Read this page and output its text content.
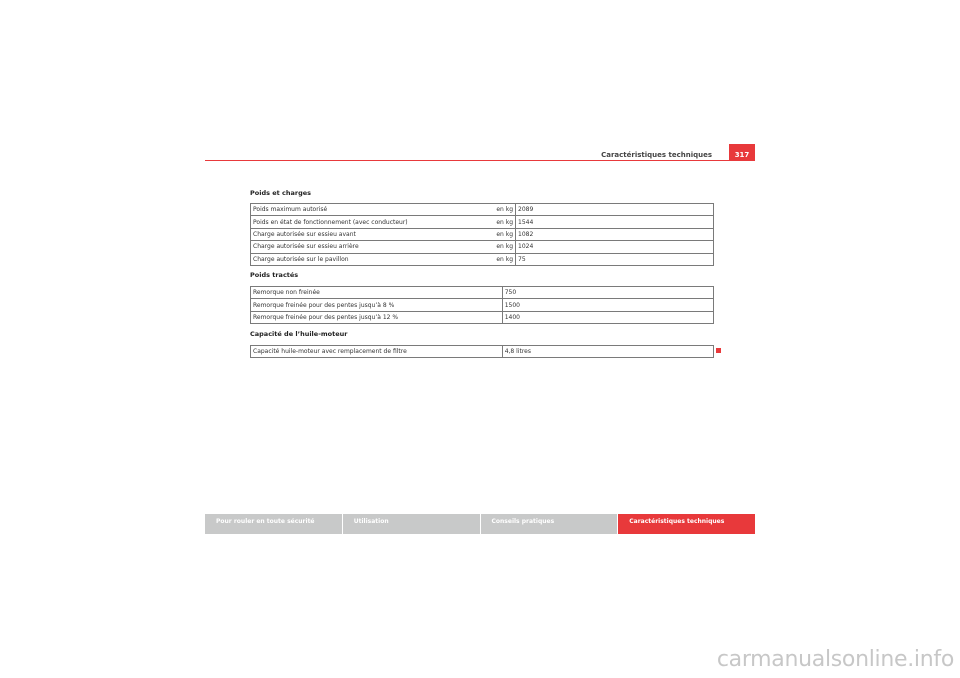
Caractéristiques techniques	317
Poids et charges
Poids maximum autorisé	en kg	2089
Poids en état de fonctionnement (avec conducteur)	en kg	1544
Charge autorisée sur essieu avant	en kg	1082
Charge autorisée sur essieu arrière	en kg	1024
Charge autorisée sur le pavillon	en kg	75
Poids tractés
Remorque non freinée	750
Remorque freinée pour des pentes jusqu’à 8 %	1500
Remorque freinée pour des pentes jusqu’à 12 %	1400
Capacité de l’huile-moteur
Capacité huile-moteur avec remplacement de filtre	4,8 litres
Pour rouler en toute sécurité	Utilisation	Conseils pratiques	Caractéristiques techniques
carmanualsonline.info
